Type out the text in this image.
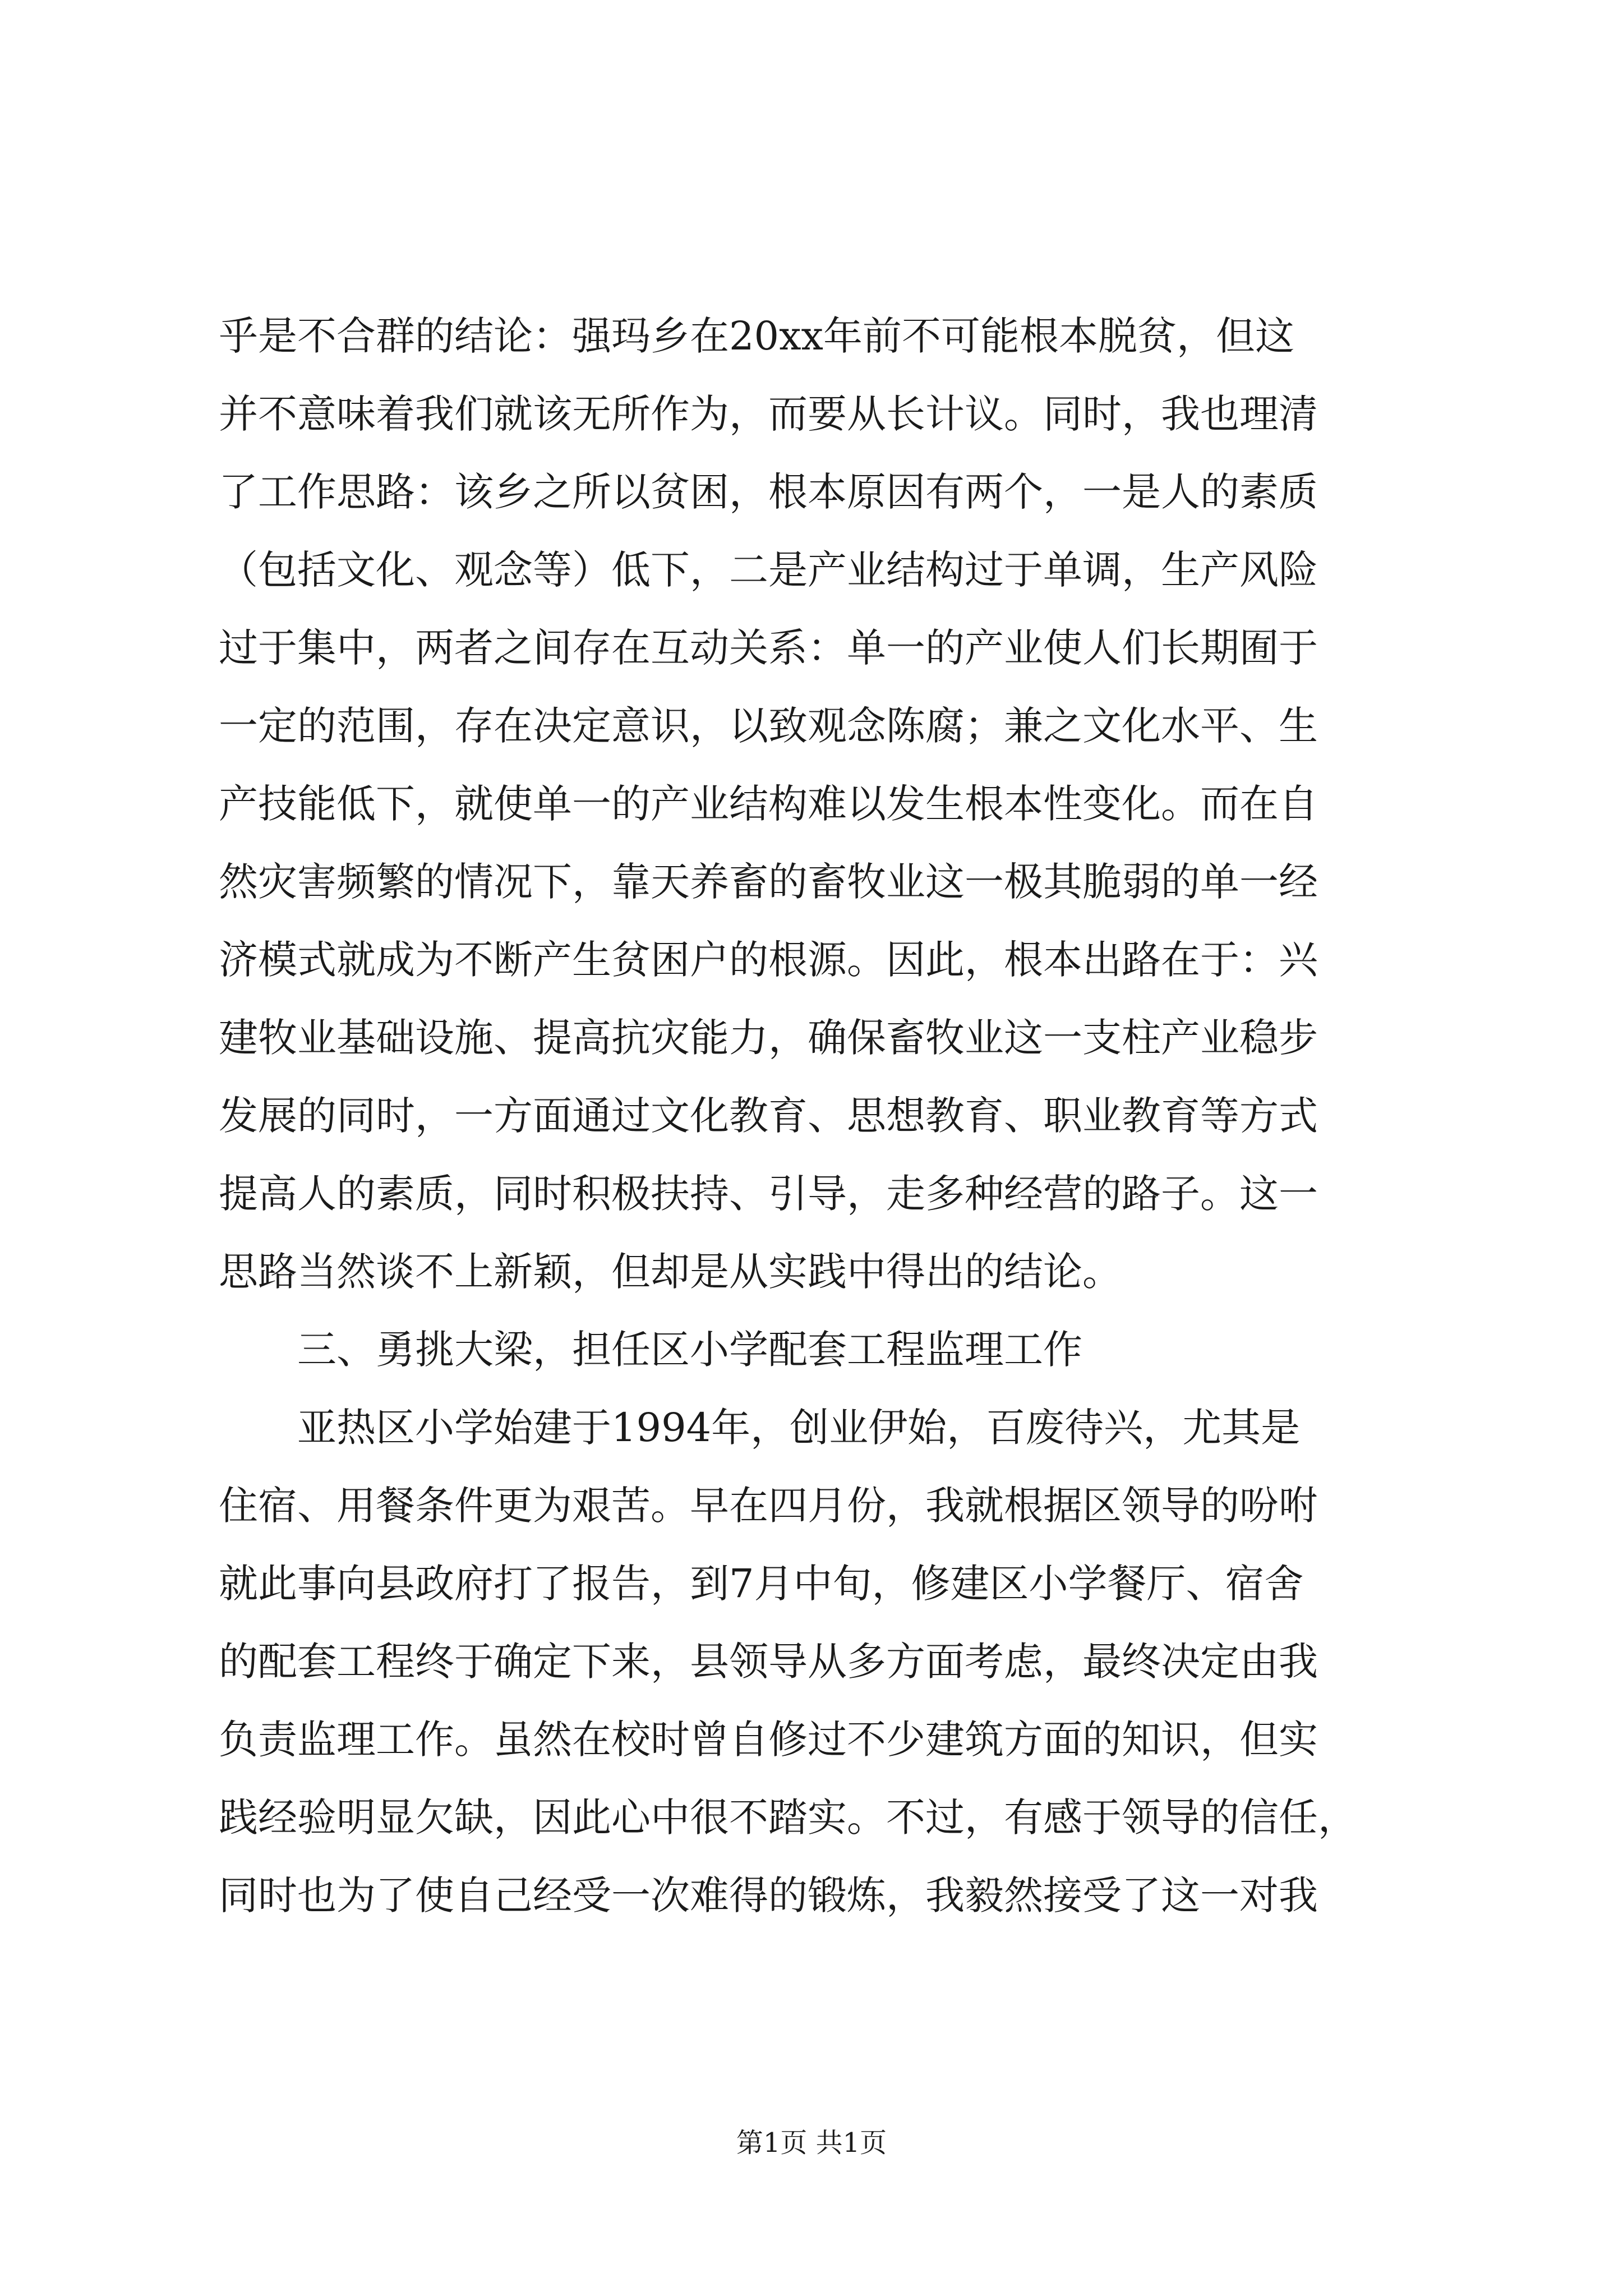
乎是不合群的结论：强玛乡在20xx年前不可能根本脱贫，但这
并不意味着我们就该无所作为，而要从长计议。同时，我也理清
了工作思路：该乡之所以贫困，根本原因有两个，一是人的素质
（包括文化、观念等）低下，二是产业结构过于单调，生产风险
过于集中，两者之间存在互动关系：单一的产业使人们长期囿于
一定的范围，存在决定意识，以致观念陈腐；兼之文化水平、生
产技能低下，就使单一的产业结构难以发生根本性变化。而在自
然灾害频繁的情况下，靠天养畜的畜牧业这一极其脆弱的单一经
济模式就成为不断产生贫困户的根源。因此，根本出路在于：兴
建牧业基础设施、提高抗灾能力，确保畜牧业这一支柱产业稳步
发展的同时，一方面通过文化教育、思想教育、职业教育等方式
提高人的素质，同时积极扶持、引导，走多种经营的路子。这一
思路当然谈不上新颖，但却是从实践中得出的结论。
三、勇挑大梁，担任区小学配套工程监理工作
亚热区小学始建于1994年，创业伊始，百废待兴，尤其是
住宿、用餐条件更为艰苦。早在四月份，我就根据区领导的吩咐
就此事向县政府打了报告，到7月中旬，修建区小学餐厅、宿舍
的配套工程终于确定下来，县领导从多方面考虑，最终决定由我
负责监理工作。虽然在校时曾自修过不少建筑方面的知识，但实
践经验明显欠缺，因此心中很不踏实。不过，有感于领导的信任，
同时也为了使自己经受一次难得的锻炼，我毅然接受了这一对我
第1页 共1页
